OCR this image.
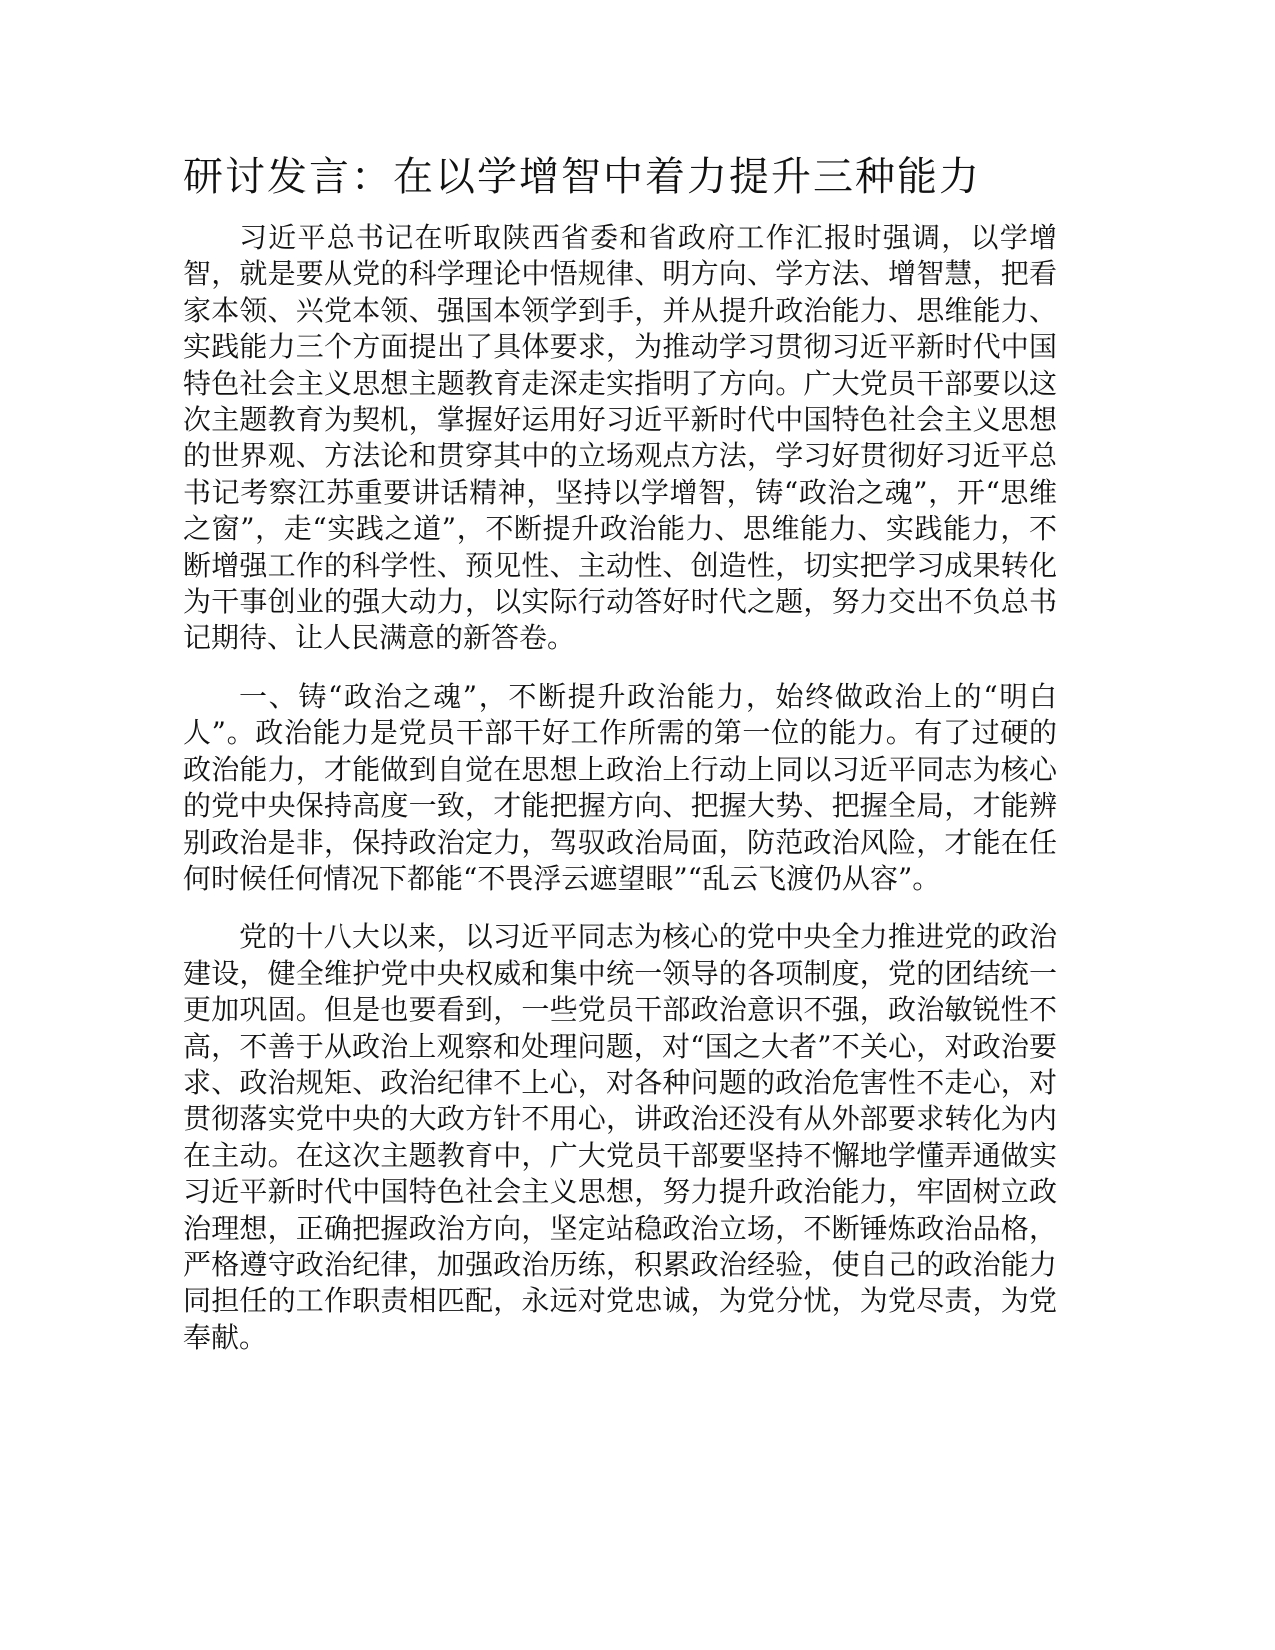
研讨发言：在以学增智中着力提升三种能力

习近平总书记在听取陕西省委和省政府工作汇报时强调，以学增智，就是要从党的科学理论中悟规律、明方向、学方法、增智慧，把看家本领、兴党本领、强国本领学到手，并从提升政治能力、思维能力、实践能力三个方面提出了具体要求，为推动学习贯彻习近平新时代中国特色社会主义思想主题教育走深走实指明了方向。广大党员干部要以这次主题教育为契机，掌握好运用好习近平新时代中国特色社会主义思想的世界观、方法论和贯穿其中的立场观点方法，学习好贯彻好习近平总书记考察江苏重要讲话精神，坚持以学增智，铸“政治之魂”，开“思维之窗”，走“实践之道”，不断提升政治能力、思维能力、实践能力，不断增强工作的科学性、预见性、主动性、创造性，切实把学习成果转化为干事创业的强大动力，以实际行动答好时代之题，努力交出不负总书记期待、让人民满意的新答卷。

一、铸“政治之魂”，不断提升政治能力，始终做政治上的“明白人”。政治能力是党员干部干好工作所需的第一位的能力。有了过硬的政治能力，才能做到自觉在思想上政治上行动上同以习近平同志为核心的党中央保持高度一致，才能把握方向、把握大势、把握全局，才能辨别政治是非，保持政治定力，驾驭政治局面，防范政治风险，才能在任何时候任何情况下都能“不畏浮云遮望眼”“乱云飞渡仍从容”。

党的十八大以来，以习近平同志为核心的党中央全力推进党的政治建设，健全维护党中央权威和集中统一领导的各项制度，党的团结统一更加巩固。但是也要看到，一些党员干部政治意识不强，政治敏锐性不高，不善于从政治上观察和处理问题，对“国之大者”不关心，对政治要求、政治规矩、政治纪律不上心，对各种问题的政治危害性不走心，对贯彻落实党中央的大政方针不用心，讲政治还没有从外部要求转化为内在主动。在这次主题教育中，广大党员干部要坚持不懈地学懂弄通做实习近平新时代中国特色社会主义思想，努力提升政治能力，牢固树立政治理想，正确把握政治方向，坚定站稳政治立场，不断锤炼政治品格，严格遵守政治纪律，加强政治历练，积累政治经验，使自己的政治能力同担任的工作职责相匹配，永远对党忠诚，为党分忧，为党尽责，为党奉献。
